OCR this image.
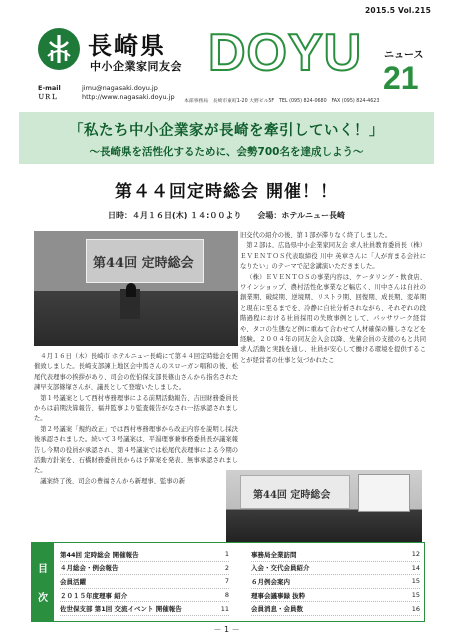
2015.5 Vol.215
長崎県
中小企業家同友会 DOYU ニュース
21
E-mail	jimu@nagasaki.doyu.jp
ＵＲＬ	http://www.nagasaki.doyu.jp
本部事務局　長崎市東町1-20 大野ビル5F　TEL (095) 824-0680　FAX (095) 824-4623
「私たち中小企業家が長崎を牽引していく！」
～長崎県を活性化するために、会勢700名を達成しよう～
第４４回定時総会 開催！！
日時：４月１６日(木) １４:００より　　会場：ホテルニュー長崎
第44回 定時総会

４月１６日（木）長崎市 ホテルニュー長崎にて第４４回定時総会を開催致しました。長崎支部諫上地区会中馬さんのスローガン唱和の後、松尾代表理事の挨拶があり、司会の佐伯保支部長篠山さんから指名された諫早支部篠塚さんが、議長として登壇いたしました。

第１号議案として西村専務理事による前期活動報告、吉田財務委員長からは前期決算報告、福井監事より監査報告がなされ一括承認されました。

第２号議案「規約改正」では西村専務理事から改正内容を説明し採決後承認されました。続いて３号議案は、平湯理事兼事務委員長が議案報告し今期の役員が承認され、第４号議案では松尾代表理事による今期の活動方針案を、石橋財務委員長からは予算案を発表、無事承認されました。

議案終了後、司会の豊福さんから新理事、監事の新

旧交代の紹介の後、第１部が滞りなく終了しました。

第２部は、広島県中小企業家同友会 求人社員教育委員長（株）ＥＶＥＮＴＯＳ代表取締役 川中 英章さんに「人が育まる会社になりたい」のテーマで記念講演いただきました。

（株）ＥＶＥＮＴＯＳの事業内容は、ケータリング・飲食店、ワインショップ、農村活性化事業など幅広く、川中さんは自社の創業期、破綻期、逆境期、リストラ期、回復期、成長期、変革期と現在に至るまでを、冷静に自社分析されながら、それぞれの段階過程における社員採用の失敗事例として、パッサワーク経営や、タコの生態など例に重ねて合わせて人材確保の難しさなどを経験。２００４年の同友会入会以降、先輩会員の支援のもと共同求人活動と実践を通し、社員が安心して働ける環境を提供することが経営者の仕事と気づかれたこ

第44回 定時総会
目
次
第44回 定時総会 開催報告	1	事務局全業訪問	12
４月総会・例会報告	2	入会・交代会員紹介	14
会員活躍	7	６月例会案内	15
２０１５年度理事 紹介	8	理事会議事録 抜粋	15
佐世保支部 第1回 交流イベント 開催報告	11	会員消息・会員数	16
－ 1 －
